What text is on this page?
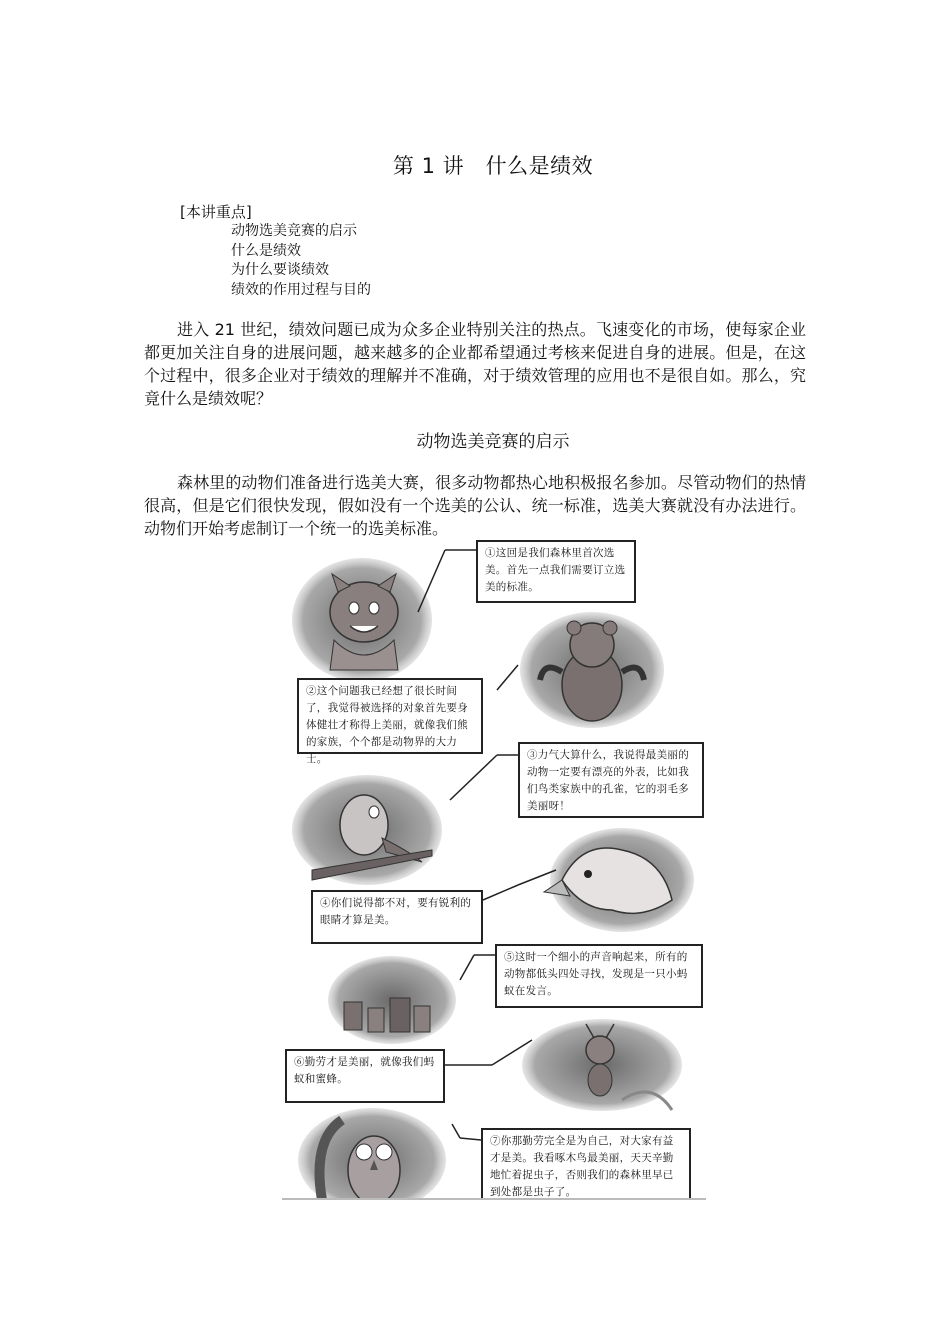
第 1 讲　什么是绩效
[本讲重点]
动物选美竞赛的启示
什么是绩效
为什么要谈绩效
绩效的作用过程与目的

进入 21 世纪，绩效问题已成为众多企业特别关注的热点。飞速变化的市场，使每家企业都更加关注自身的进展问题，越来越多的企业都希望通过考核来促进自身的进展。但是，在这个过程中，很多企业对于绩效的理解并不准确，对于绩效管理的应用也不是很自如。那么，究竟什么是绩效呢？

动物选美竞赛的启示

森林里的动物们准备进行选美大赛，很多动物都热心地积极报名参加。尽管动物们的热情很高，但是它们很快发现，假如没有一个选美的公认、统一标准，选美大赛就没有办法进行。动物们开始考虑制订一个统一的选美标准。

①这回是我们森林里首次选美。首先一点我们需要订立选美的标准。
②这个问题我已经想了很长时间了，我觉得被选择的对象首先要身体健壮才称得上美丽，就像我们熊的家族，个个都是动物界的大力士。	③力气大算什么，我说得最美丽的动物一定要有漂亮的外表，比如我们鸟类家族中的孔雀，它的羽毛多美丽呀！
④你们说得都不对，要有锐利的眼睛才算是美。
⑤这时一个细小的声音响起来，所有的动物都低头四处寻找，发现是一只小蚂蚁在发言。
⑥勤劳才是美丽，就像我们蚂蚁和蜜蜂。
⑦你那勤劳完全是为自己，对大家有益才是美。我看啄木鸟最美丽，天天辛勤地忙着捉虫子，否则我们的森林里早已到处都是虫子了。
